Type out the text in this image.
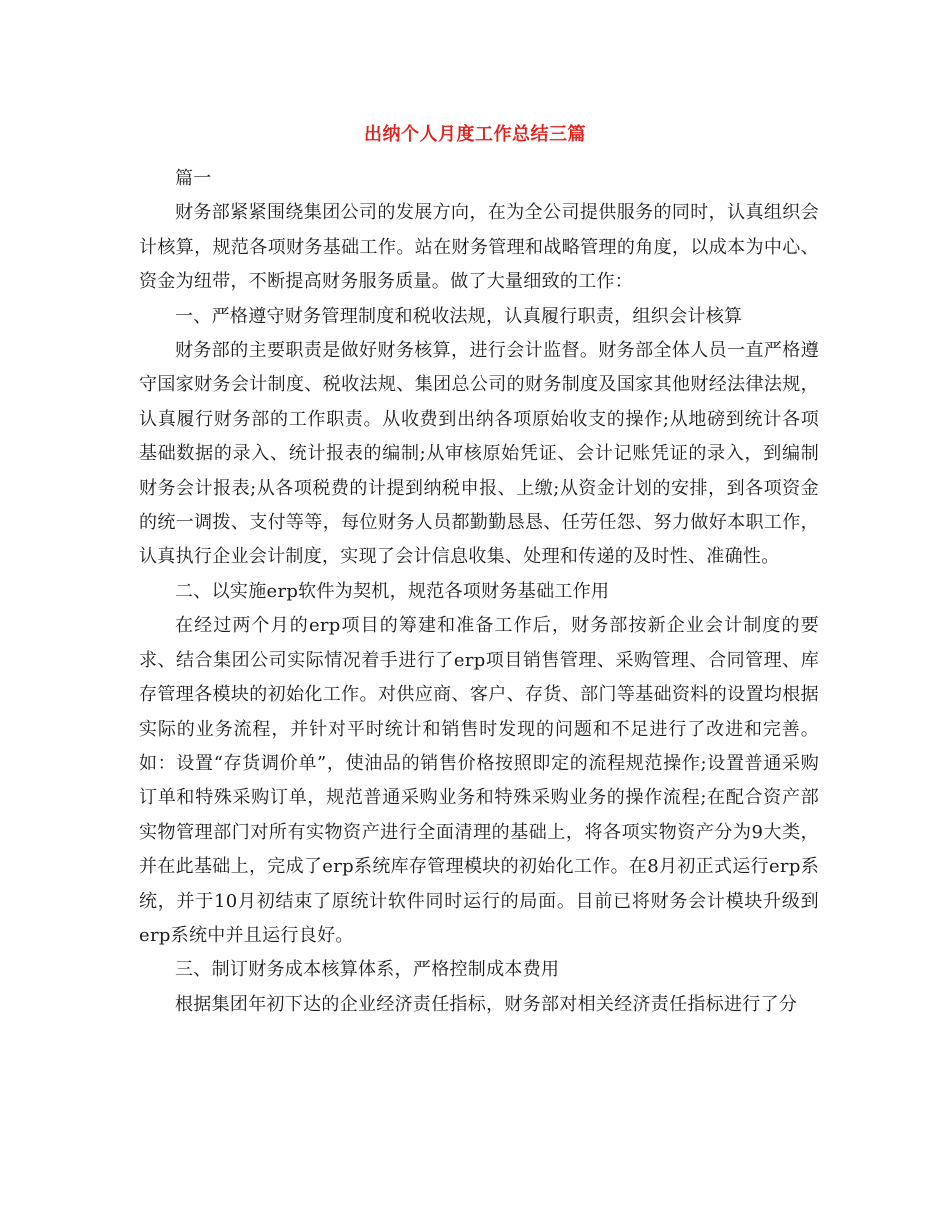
出纳个人月度工作总结三篇

篇一

财务部紧紧围绕集团公司的发展方向，在为全公司提供服务的同时，认真组织会计核算，规范各项财务基础工作。站在财务管理和战略管理的角度，以成本为中心、资金为纽带，不断提高财务服务质量。做了大量细致的工作：

一、严格遵守财务管理制度和税收法规，认真履行职责，组织会计核算

财务部的主要职责是做好财务核算，进行会计监督。财务部全体人员一直严格遵守国家财务会计制度、税收法规、集团总公司的财务制度及国家其他财经法律法规，认真履行财务部的工作职责。从收费到出纳各项原始收支的操作;从地磅到统计各项基础数据的录入、统计报表的编制;从审核原始凭证、会计记账凭证的录入，到编制财务会计报表;从各项税费的计提到纳税申报、上缴;从资金计划的安排，到各项资金的统一调拨、支付等等，每位财务人员都勤勤恳恳、任劳任怨、努力做好本职工作，认真执行企业会计制度，实现了会计信息收集、处理和传递的及时性、准确性。

二、以实施erp软件为契机，规范各项财务基础工作用

在经过两个月的erp项目的筹建和准备工作后，财务部按新企业会计制度的要求、结合集团公司实际情况着手进行了erp项目销售管理、采购管理、合同管理、库存管理各模块的初始化工作。对供应商、客户、存货、部门等基础资料的设置均根据实际的业务流程，并针对平时统计和销售时发现的问题和不足进行了改进和完善。如：设置“存货调价单”，使油品的销售价格按照即定的流程规范操作;设置普通采购订单和特殊采购订单，规范普通采购业务和特殊采购业务的操作流程;在配合资产部实物管理部门对所有实物资产进行全面清理的基础上，将各项实物资产分为9大类，并在此基础上，完成了erp系统库存管理模块的初始化工作。在8月初正式运行erp系统，并于10月初结束了原统计软件同时运行的局面。目前已将财务会计模块升级到erp系统中并且运行良好。

三、制订财务成本核算体系，严格控制成本费用

根据集团年初下达的企业经济责任指标，财务部对相关经济责任指标进行了分
